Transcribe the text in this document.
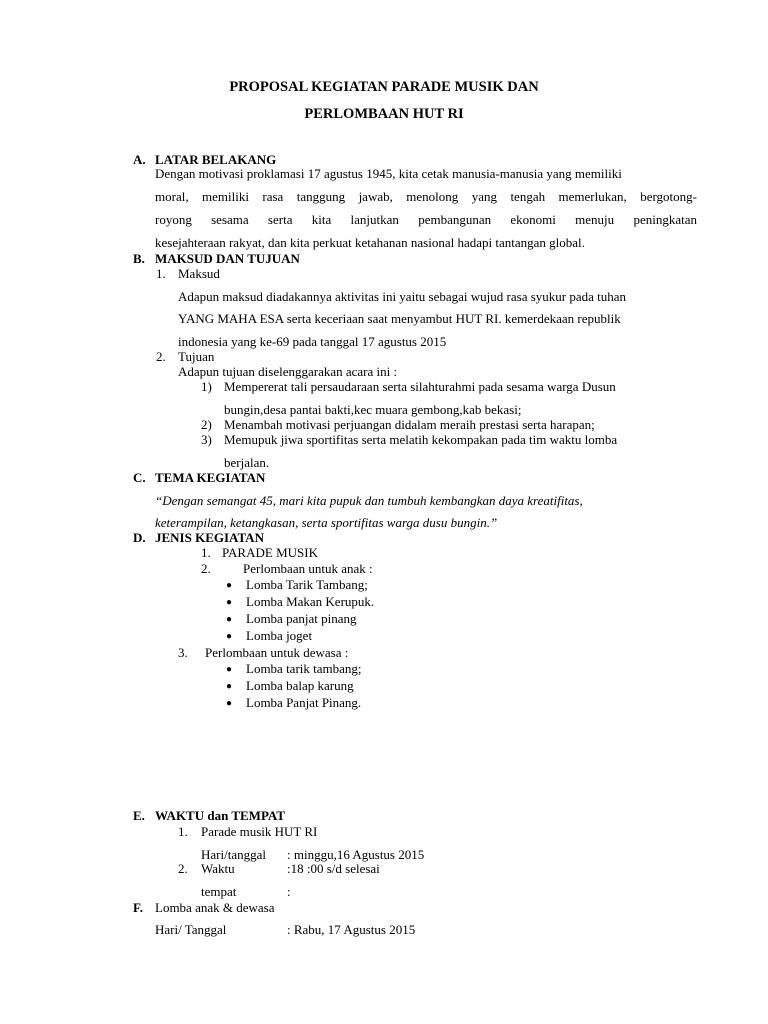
PROPOSAL KEGIATAN PARADE MUSIK DAN
PERLOMBAAN HUT RI
A. LATAR BELAKANG
Dengan motivasi proklamasi 17 agustus 1945, kita cetak manusia-manusia yang memiliki
moral, memiliki rasa tanggung jawab, menolong yang tengah memerlukan, bergotong-
royong sesama serta kita lanjutkan pembangunan ekonomi menuju peningkatan
kesejahteraan rakyat, dan kita perkuat ketahanan nasional hadapi tantangan global.
B. MAKSUD DAN TUJUAN
1. Maksud
Adapun maksud diadakannya aktivitas ini yaitu sebagai wujud rasa syukur pada tuhan
YANG MAHA ESA serta keceriaan saat menyambut HUT RI. kemerdekaan republik
indonesia yang ke-69 pada tanggal 17 agustus 2015
2. Tujuan
Adapun tujuan diselenggarakan acara ini :
1) Mempererat tali persaudaraan serta silahturahmi pada sesama warga Dusun
bungin,desa pantai bakti,kec muara gembong,kab bekasi;
2) Menambah motivasi perjuangan didalam meraih prestasi serta harapan;
3) Memupuk jiwa sportifitas serta melatih kekompakan pada tim waktu lomba
berjalan.
C. TEMA KEGIATAN
“Dengan semangat 45, mari kita pupuk dan tumbuh kembangkan daya kreatifitas,
keterampilan, ketangkasan, serta sportifitas warga dusu bungin.”
D. JENIS KEGIATAN
1. PARADE MUSIK
2. Perlombaan untuk anak :
● Lomba Tarik Tambang;
● Lomba Makan Kerupuk.
● Lomba panjat pinang
● Lomba joget
3. Perlombaan untuk dewasa :
● Lomba tarik tambang;
● Lomba balap karung
● Lomba Panjat Pinang.
E. WAKTU dan TEMPAT
1. Parade musik HUT RI
Hari/tanggal : minggu,16 Agustus 2015
2. Waktu	:18 :00 s/d selesai
tempat	:
F. Lomba anak & dewasa
Hari/ Tanggal	: Rabu, 17 Agustus 2015
